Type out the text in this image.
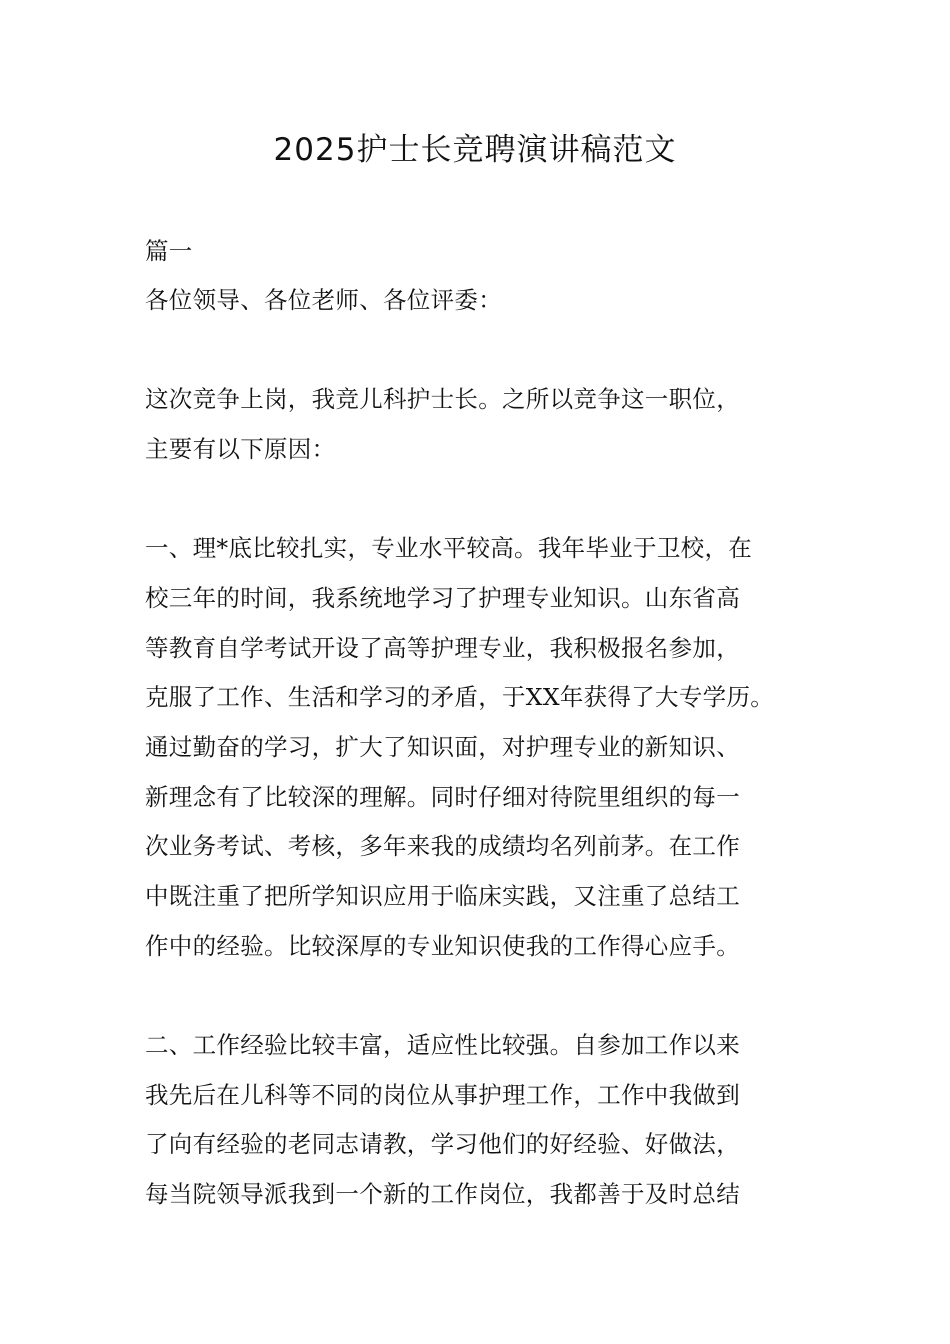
2025护士长竞聘演讲稿范文
篇一
各位领导、各位老师、各位评委：
这次竞争上岗，我竞儿科护士长。之所以竞争这一职位，
主要有以下原因：
一、理*底比较扎实，专业水平较高。我年毕业于卫校，在
校三年的时间，我系统地学习了护理专业知识。山东省高
等教育自学考试开设了高等护理专业，我积极报名参加，
克服了工作、生活和学习的矛盾，于XX年获得了大专学历。
通过勤奋的学习，扩大了知识面，对护理专业的新知识、
新理念有了比较深的理解。同时仔细对待院里组织的每一
次业务考试、考核，多年来我的成绩均名列前茅。在工作
中既注重了把所学知识应用于临床实践，又注重了总结工
作中的经验。比较深厚的专业知识使我的工作得心应手。
二、工作经验比较丰富，适应性比较强。自参加工作以来
我先后在儿科等不同的岗位从事护理工作，工作中我做到
了向有经验的老同志请教，学习他们的好经验、好做法，
每当院领导派我到一个新的工作岗位，我都善于及时总结
